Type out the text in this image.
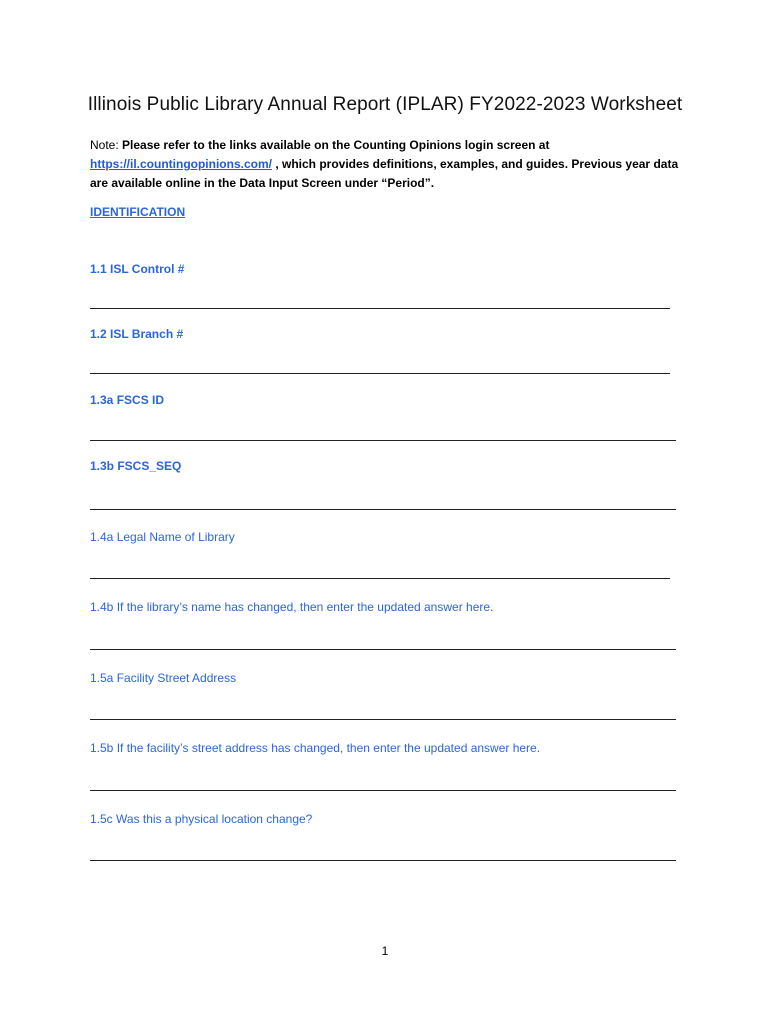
Illinois Public Library Annual Report (IPLAR) FY2022-2023 Worksheet
Note: Please refer to the links available on the Counting Opinions login screen at https://il.countingopinions.com/ , which provides definitions, examples, and guides. Previous year data are available online in the Data Input Screen under “Period”.
IDENTIFICATION
1.1 ISL Control #
1.2 ISL Branch #
1.3a FSCS ID
1.3b FSCS_SEQ
1.4a Legal Name of Library
1.4b If the library’s name has changed, then enter the updated answer here.
1.5a Facility Street Address
1.5b If the facility’s street address has changed, then enter the updated answer here.
1.5c Was this a physical location change?
1
